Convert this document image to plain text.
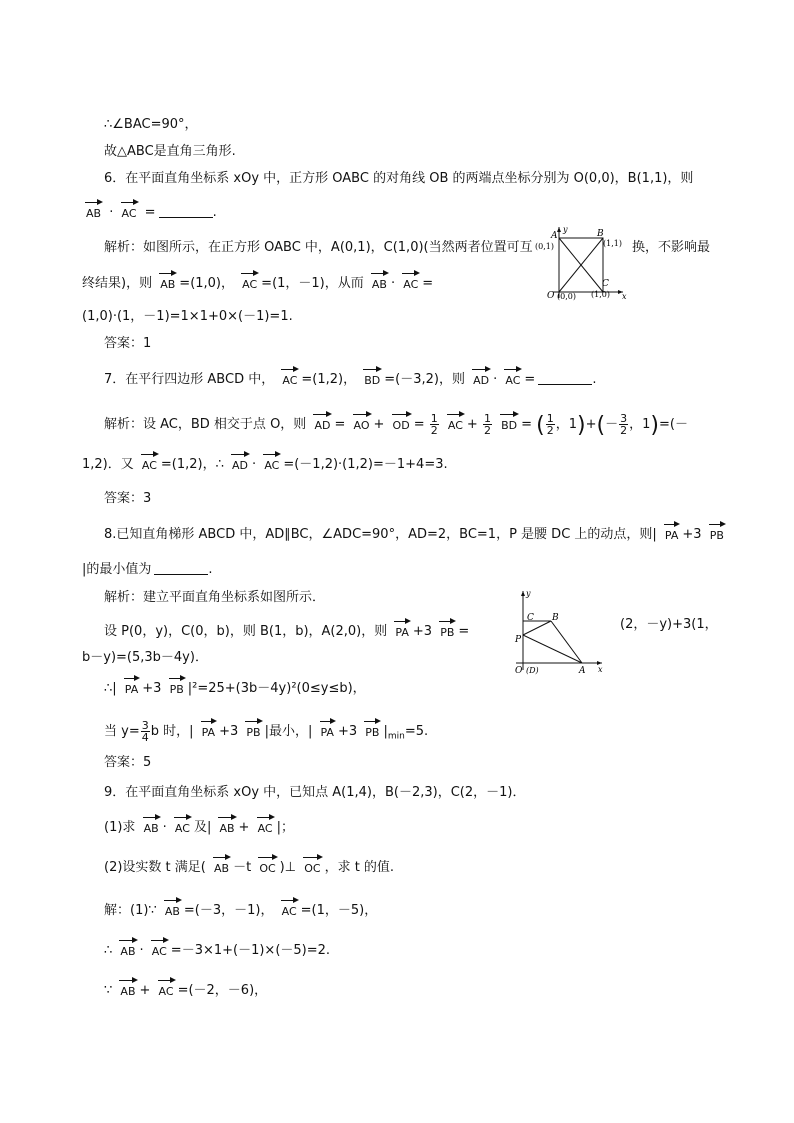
∴∠BAC=90°，
故△ABC是直角三角形.
6．在平面直角坐标系 xOy 中，正方形 OABC 的对角线 OB 的两端点坐标分别为 O(0,0)，B(1,1)，则
AB · AC =	.
解析：如图所示，在正方形 OABC 中，A(0,1)，C(1,0)(当然两者位置可互	换，不影响最
终结果)，则 AB =(1,0)， AC =(1，－1)，从而 AB · AC =
(1,0)·(1，－1)=1×1+0×(－1)=1.
答案：1
y
x
A
(0,1)
B
(1,1)
C
(1,0)
O (0,0)
7．在平行四边形 ABCD 中， AC =(1,2)， BD =(－3,2)，则 AD · AC =	.
解析：设 AC，BD 相交于点 O，则 AD = AO + OD = $\frac{1}{2}$ AC + $\frac{1}{2}$ BD = ( $\frac{1}{2}$ ，$1)+(- \frac{3}{2}$ ，1)=(－
1,2)．又 AC =(1,2)，∴ AD · AC =(－1,2)·(1,2)=－1+4=3.
答案：3
8.已知直角梯形 ABCD 中，AD∥BC，∠ADC=90°，AD=2，BC=1，P 是腰 DC 上的动点，则| PA +3 PB
|的最小值为	.
解析：建立平面直角坐标系如图所示．
设 P(0，y)，C(0，b)，则 B(1，b)，A(2,0)，则 PA +3 PB =	(2，－y)+3(1，
b－y)=(5,3b－4y)．
∴| PA +3 PB |²=25+(3b－4y)²(0≤y≤b)，
当 $y= \frac{3}{4}$ b 时，| PA +3 PB |最小，| PA +3 PB $|_{min}=5$.
答案：5
y
x
C B
P
O (D)	A
9．在平面直角坐标系 xOy 中，已知点 A(1,4)，B(－2,3)，C(2，－1)．
(1)求 AB · AC 及| AB + AC |；
(2)设实数 t 满足( AB －t OC )⊥ OC ，求 t 的值.
解：(1)∵ AB =(－3，－1)， AC =(1，－5)，
∴ AB · AC =－3×1+(－1)×(－5)=2.
∵ AB + AC =(－2，－6)，
